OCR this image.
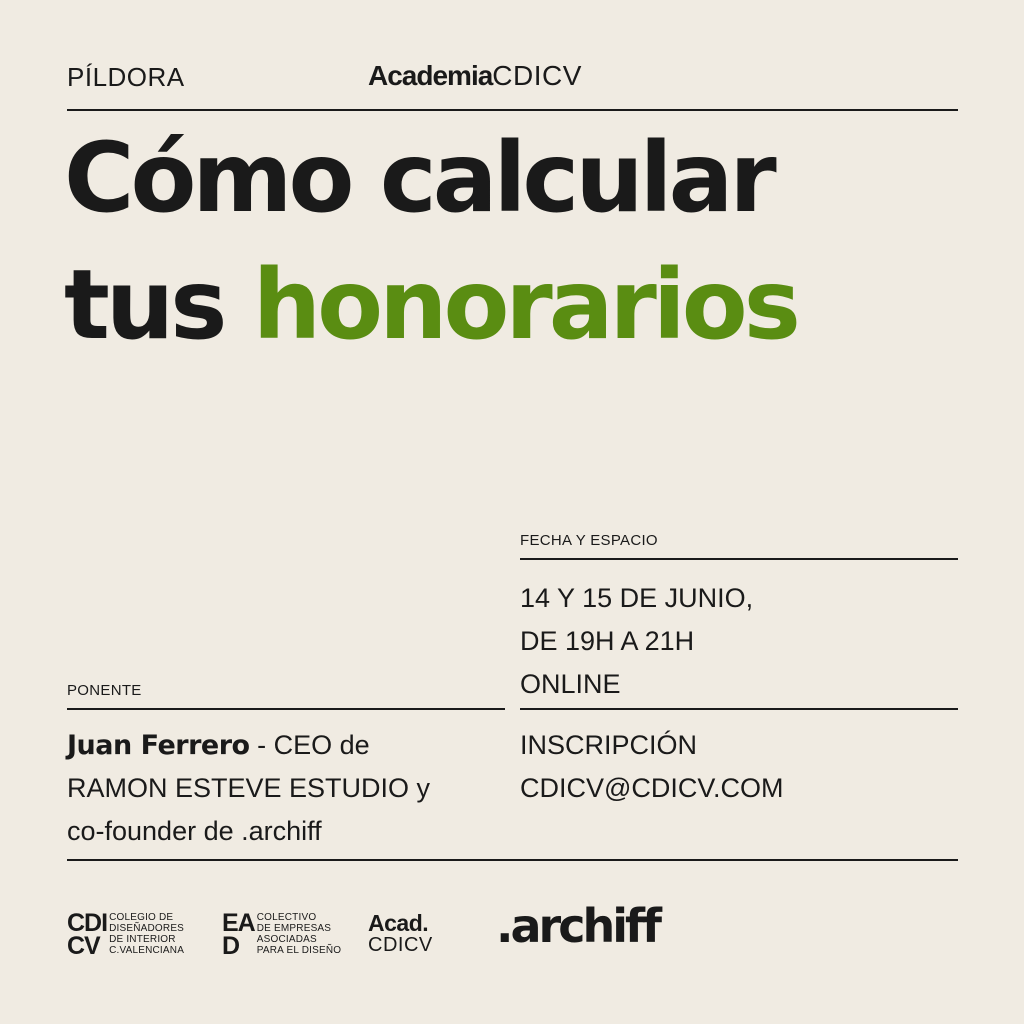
PÍLDORA	AcademiaCDICV
Cómo calcular
tus honorarios
FECHA Y ESPACIO
14 Y 15 DE JUNIO,
DE 19H A 21H
ONLINE
INSCRIPCIÓN
CDICV@CDICV.COM
PONENTE
Juan Ferrero - CEO de
RAMON ESTEVE ESTUDIO y
co-founder de .archiff
CDI
CV
COLEGIO DE
DISEÑADORES
DE INTERIOR
C.VALENCIANA
EA
D
COLECTIVO
DE EMPRESAS
ASOCIADAS
PARA EL DISEÑO
Acad.
CDICV .archiff
